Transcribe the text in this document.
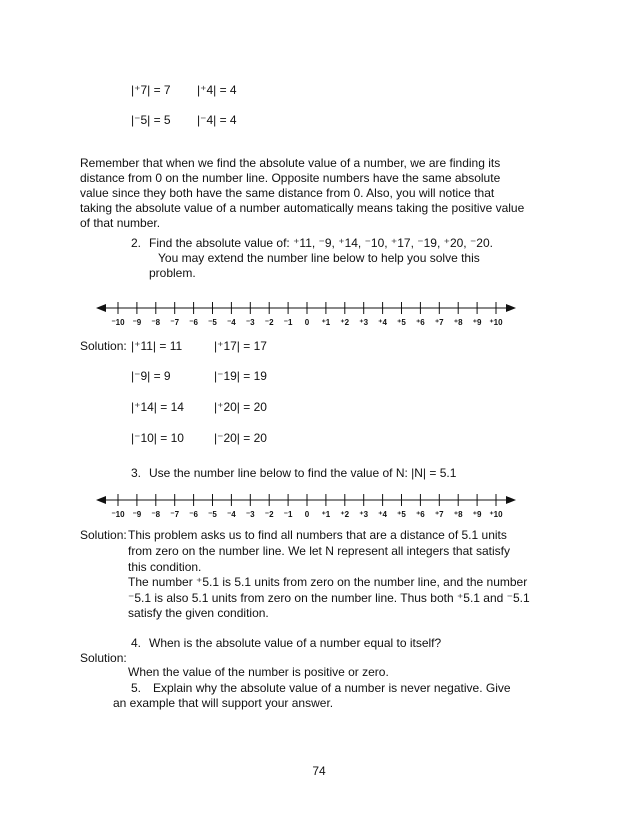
|⁺7| = 7 |⁺4| = 4
|⁻5| = 5 |⁻4| = 4
Remember that when we find the absolute value of a number, we are finding its
distance from 0 on the number line. Opposite numbers have the same absolute
value since they both have the same distance from 0. Also, you will notice that
taking the absolute value of a number automatically means taking the positive value
of that number.
2. Find the absolute value of: ⁺11, ⁻9, ⁺14, ⁻10, ⁺17, ⁻19, ⁺20, ⁻20.
You may extend the number line below to help you solve this
problem.
⁻10 ⁻9 ⁻8 ⁻7 ⁻6 ⁻5 ⁻4 ⁻3 ⁻2 ⁻1 0 ⁺1 ⁺2 ⁺3 ⁺4 ⁺5 ⁺6 ⁺7 ⁺8 ⁺9 ⁺10
Solution: |⁺11| = 11	|⁺17| = 17
|⁻9| = 9	|⁻19| = 19
|⁺14| = 14	|⁺20| = 20
|⁻10| = 10	|⁻20| = 20
3. Use the number line below to find the value of N: |N| = 5.1
⁻10 ⁻9 ⁻8 ⁻7 ⁻6 ⁻5 ⁻4 ⁻3 ⁻2 ⁻1 0 ⁺1 ⁺2 ⁺3 ⁺4 ⁺5 ⁺6 ⁺7 ⁺8 ⁺9 ⁺10
Solution: This problem asks us to find all numbers that are a distance of 5.1 units
from zero on the number line. We let N represent all integers that satisfy
this condition.
The number ⁺5.1 is 5.1 units from zero on the number line, and the number
⁻5.1 is also 5.1 units from zero on the number line. Thus both ⁺5.1 and ⁻5.1
satisfy the given condition.
4. When is the absolute value of a number equal to itself?
Solution:
When the value of the number is positive or zero.
5. Explain why the absolute value of a number is never negative. Give
an example that will support your answer.
74
